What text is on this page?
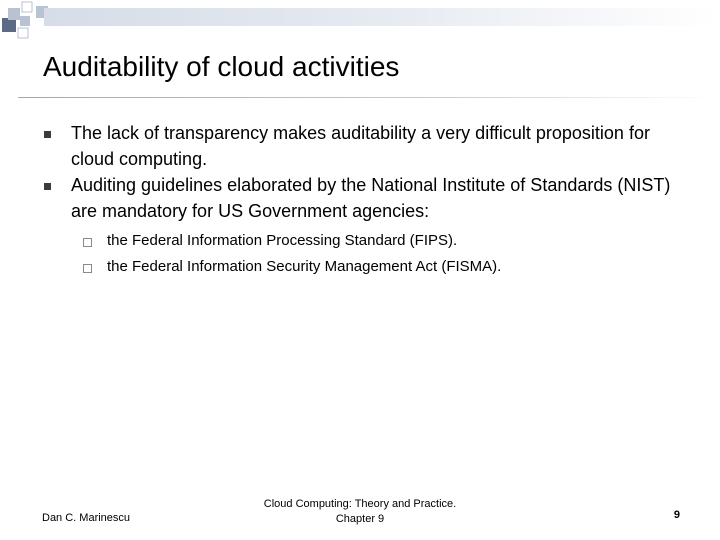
Auditability of cloud activities
The lack of transparency makes auditability a very difficult proposition for cloud computing.
Auditing guidelines elaborated by the National Institute of Standards (NIST) are mandatory for US Government agencies:
the Federal Information Processing Standard (FIPS).
the Federal Information Security Management Act (FISMA).
Dan C. Marinescu
Cloud Computing: Theory and Practice.
Chapter 9	9
